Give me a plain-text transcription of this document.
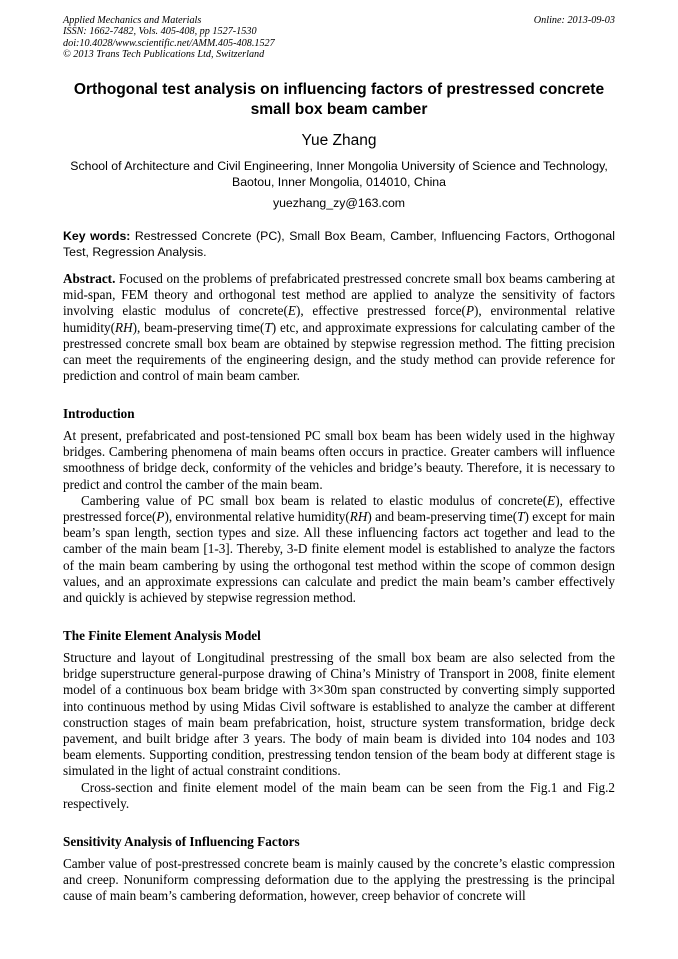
Applied Mechanics and Materials
ISSN: 1662-7482, Vols. 405-408, pp 1527-1530
doi:10.4028/www.scientific.net/AMM.405-408.1527
© 2013 Trans Tech Publications Ltd, Switzerland
Online: 2013-09-03
Orthogonal test analysis on influencing factors of prestressed concrete
small box beam camber
Yue Zhang
School of Architecture and Civil Engineering, Inner Mongolia University of Science and Technology,
Baotou, Inner Mongolia, 014010, China
yuezhang_zy@163.com
Key words: Restressed Concrete (PC), Small Box Beam, Camber, Influencing Factors, Orthogonal Test, Regression Analysis.

Abstract. Focused on the problems of prefabricated prestressed concrete small box beams cambering at mid-span, FEM theory and orthogonal test method are applied to analyze the sensitivity of factors involving elastic modulus of concrete(E), effective prestressed force(P), environmental relative humidity(RH), beam-preserving time(T) etc, and approximate expressions for calculating camber of the prestressed concrete small box beam are obtained by stepwise regression method. The fitting precision can meet the requirements of the engineering design, and the study method can provide reference for prediction and control of main beam camber.

Introduction

At present, prefabricated and post-tensioned PC small box beam has been widely used in the highway bridges. Cambering phenomena of main beams often occurs in practice. Greater cambers will influence smoothness of bridge deck, conformity of the vehicles and bridge’s beauty. Therefore, it is necessary to predict and control the camber of the main beam.

Cambering value of PC small box beam is related to elastic modulus of concrete(E), effective prestressed force(P), environmental relative humidity(RH) and beam-preserving time(T) except for main beam’s span length, section types and size. All these influencing factors act together and lead to the camber of the main beam [1-3]. Thereby, 3-D finite element model is established to analyze the factors of the main beam cambering by using the orthogonal test method within the scope of common design values, and an approximate expressions can calculate and predict the main beam’s camber effectively and quickly is achieved by stepwise regression method.

The Finite Element Analysis Model

Structure and layout of Longitudinal prestressing of the small box beam are also selected from the bridge superstructure general-purpose drawing of China’s Ministry of Transport in 2008, finite element model of a continuous box beam bridge with 3×30m span constructed by converting simply supported into continuous method by using Midas Civil software is established to analyze the camber at different construction stages of main beam prefabrication, hoist, structure system transformation, bridge deck pavement, and built bridge after 3 years. The body of main beam is divided into 104 nodes and 103 beam elements. Supporting condition, prestressing tendon tension of the beam body at different stage is simulated in the light of actual constraint conditions.

Cross-section and finite element model of the main beam can be seen from the Fig.1 and Fig.2 respectively.

Sensitivity Analysis of Influencing Factors

Camber value of post-prestressed concrete beam is mainly caused by the concrete’s elastic compression and creep. Nonuniform compressing deformation due to the applying the prestressing is the principal cause of main beam’s cambering deformation, however, creep behavior of concrete will
